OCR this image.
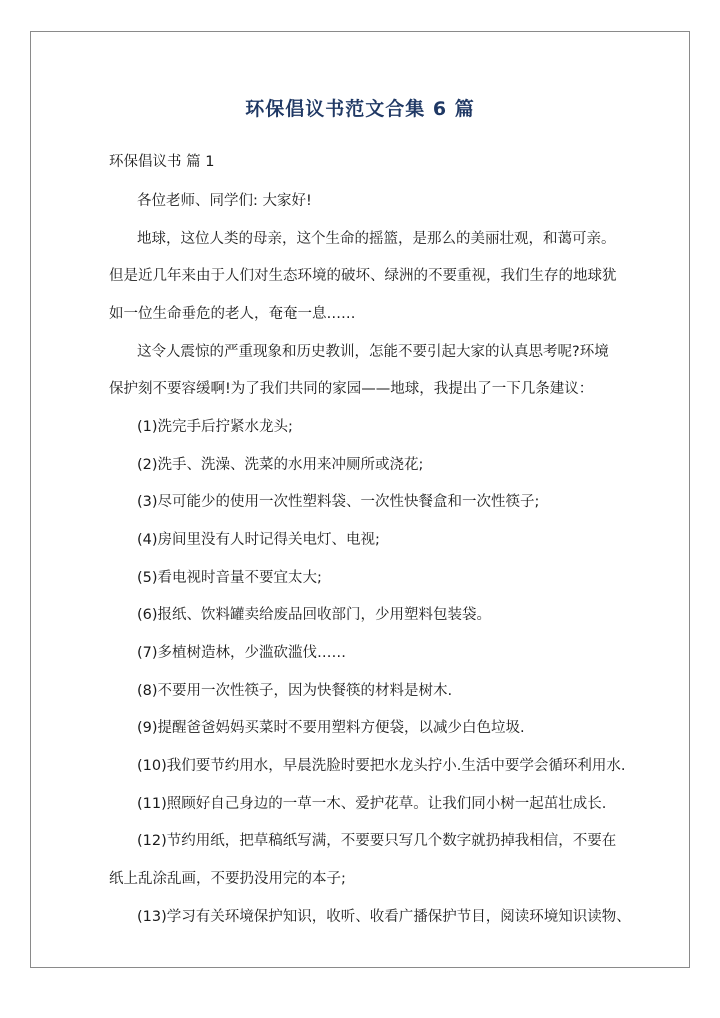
环保倡议书范文合集 6 篇
环保倡议书 篇 1
各位老师、同学们: 大家好!
地球，这位人类的母亲，这个生命的摇篮，是那么的美丽壮观，和蔼可亲。
但是近几年来由于人们对生态环境的破坏、绿洲的不要重视，我们生存的地球犹
如一位生命垂危的老人，奄奄一息……
这令人震惊的严重现象和历史教训，怎能不要引起大家的认真思考呢?环境
保护刻不要容缓啊!为了我们共同的家园——地球，我提出了一下几条建议：
(1)洗完手后拧紧水龙头;
(2)洗手、洗澡、洗菜的水用来冲厕所或浇花;
(3)尽可能少的使用一次性塑料袋、一次性快餐盒和一次性筷子;
(4)房间里没有人时记得关电灯、电视;
(5)看电视时音量不要宜太大;
(6)报纸、饮料罐卖给废品回收部门，少用塑料包装袋。
(7)多植树造林，少滥砍滥伐……
(8)不要用一次性筷子，因为快餐筷的材料是树木.
(9)提醒爸爸妈妈买菜时不要用塑料方便袋，以减少白色垃圾.
(10)我们要节约用水，早晨洗脸时要把水龙头拧小.生活中要学会循环利用水.
(11)照顾好自己身边的一草一木、爱护花草。让我们同小树一起茁壮成长.
(12)节约用纸，把草稿纸写满，不要要只写几个数字就扔掉我相信，不要在
纸上乱涂乱画，不要扔没用完的本子;
(13)学习有关环境保护知识，收听、收看广播保护节目，阅读环境知识读物、
